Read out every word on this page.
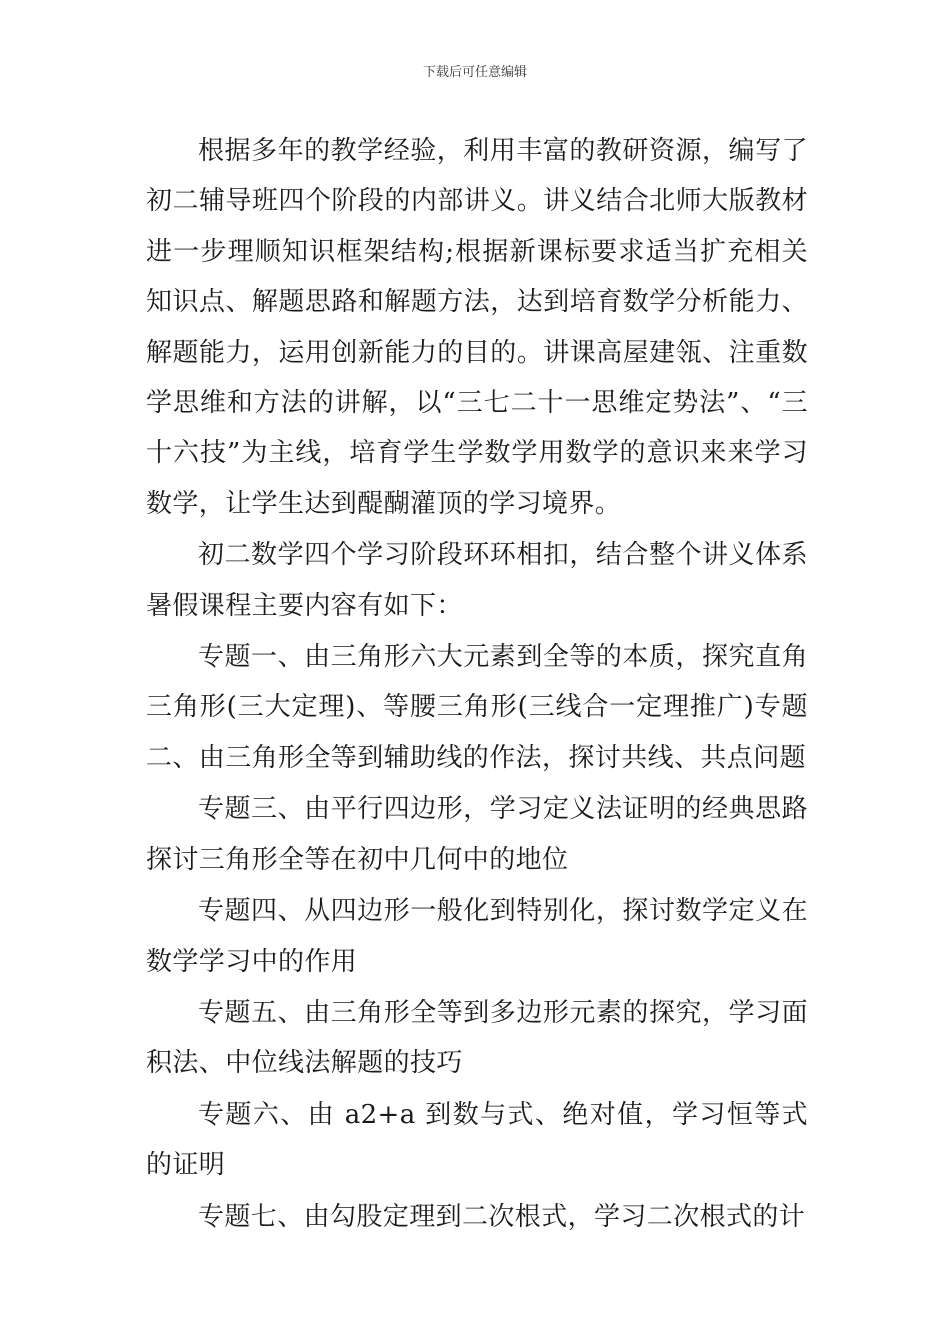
下载后可任意编辑

根据多年的教学经验，利用丰富的教研资源，编写了初二辅导班四个阶段的内部讲义。讲义结合北师大版教材进一步理顺知识框架结构;根据新课标要求适当扩充相关知识点、解题思路和解题方法，达到培育数学分析能力、解题能力，运用创新能力的目的。讲课高屋建瓴、注重数学思维和方法的讲解，以“三七二十一思维定势法”、“三十六技”为主线，培育学生学数学用数学的意识来来学习数学，让学生达到醍醐灌顶的学习境界。

初二数学四个学习阶段环环相扣，结合整个讲义体系暑假课程主要内容有如下：

专题一、由三角形六大元素到全等的本质，探究直角三角形(三大定理)、等腰三角形(三线合一定理推广)专题二、由三角形全等到辅助线的作法，探讨共线、共点问题

专题三、由平行四边形，学习定义法证明的经典思路探讨三角形全等在初中几何中的地位

专题四、从四边形一般化到特别化，探讨数学定义在数学学习中的作用

专题五、由三角形全等到多边形元素的探究，学习面积法、中位线法解题的技巧

专题六、由 a2+a 到数与式、绝对值，学习恒等式的证明

专题七、由勾股定理到二次根式，学习二次根式的计
